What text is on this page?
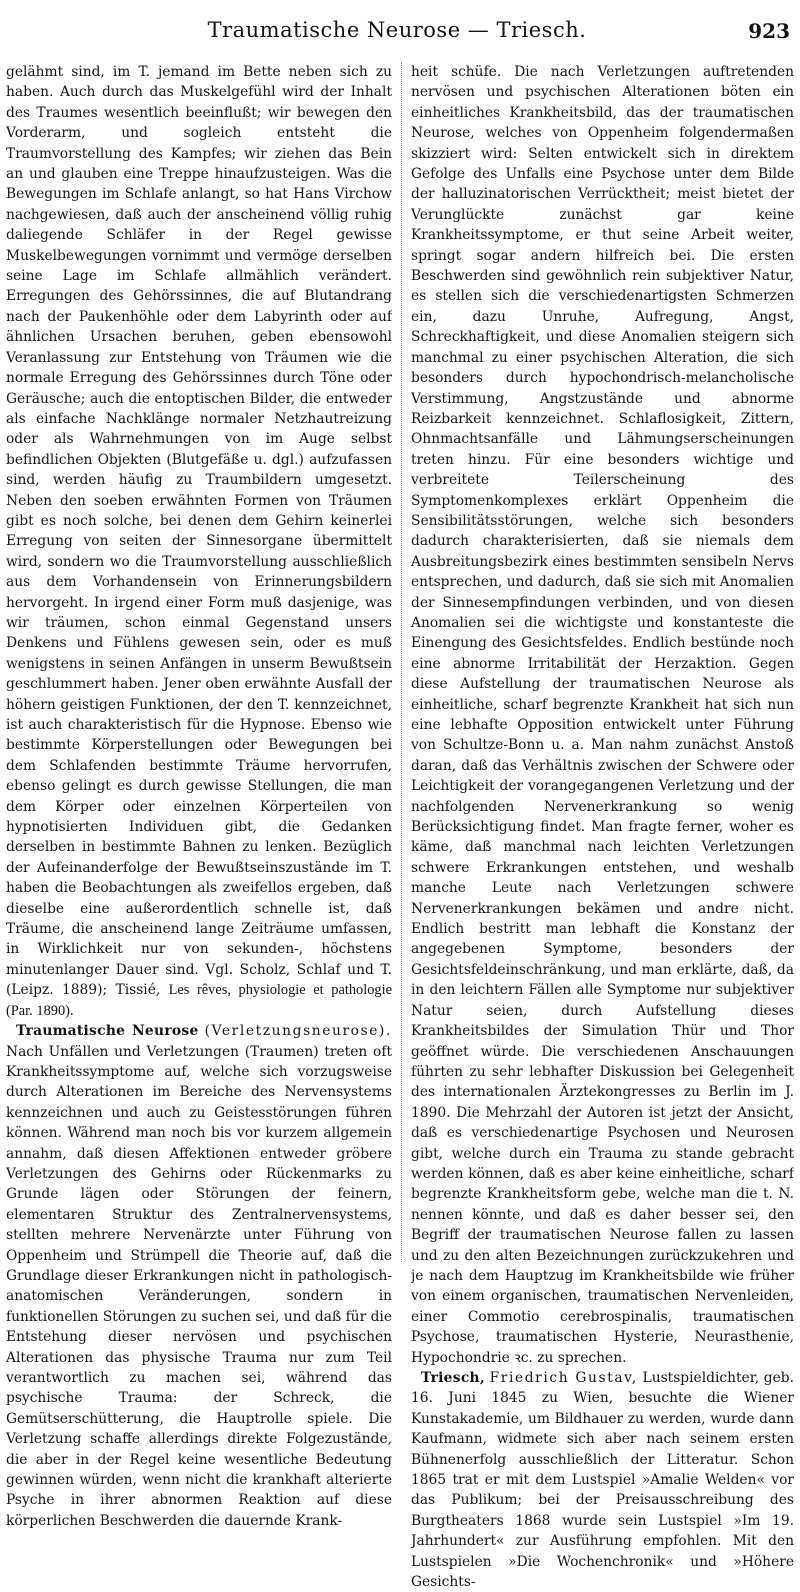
Traumatische Neurose — Triesch.	923

gelähmt sind, im T. jemand im Bette neben sich zu haben. Auch durch das Muskelgefühl wird der Inhalt des Traumes wesentlich beeinflußt; wir bewegen den Vorderarm, und sogleich entsteht die Traumvorstellung des Kampfes; wir ziehen das Bein an und glauben eine Treppe hinaufzusteigen. Was die Bewegungen im Schlafe anlangt, so hat Hans Virchow nachgewiesen, daß auch der anscheinend völlig ruhig daliegende Schläfer in der Regel gewisse Muskelbewegungen vornimmt und vermöge derselben seine Lage im Schlafe allmählich verändert. Erregungen des Gehörssinnes, die auf Blutandrang nach der Paukenhöhle oder dem Labyrinth oder auf ähnlichen Ursachen beruhen, geben ebensowohl Veranlassung zur Entstehung von Träumen wie die normale Erregung des Gehörssinnes durch Töne oder Geräusche; auch die entoptischen Bilder, die entweder als einfache Nachklänge normaler Netzhautreizung oder als Wahrnehmungen von im Auge selbst befindlichen Objekten (Blutgefäße u. dgl.) aufzufassen sind, werden häufig zu Traumbildern umgesetzt. Neben den soeben erwähnten Formen von Träumen gibt es noch solche, bei denen dem Gehirn keinerlei Erregung von seiten der Sinnesorgane übermittelt wird, sondern wo die Traumvorstellung ausschließlich aus dem Vorhandensein von Erinnerungsbildern hervorgeht. In irgend einer Form muß dasjenige, was wir träumen, schon einmal Gegenstand unsers Denkens und Fühlens gewesen sein, oder es muß wenigstens in seinen Anfängen in unserm Bewußtsein geschlummert haben. Jener oben erwähnte Ausfall der höhern geistigen Funktionen, der den T. kennzeichnet, ist auch charakteristisch für die Hypnose. Ebenso wie bestimmte Körperstellungen oder Bewegungen bei dem Schlafenden bestimmte Träume hervorrufen, ebenso gelingt es durch gewisse Stellungen, die man dem Körper oder einzelnen Körperteilen von hypnotisierten Individuen gibt, die Gedanken derselben in bestimmte Bahnen zu lenken. Bezüglich der Aufeinanderfolge der Bewußtseinszustände im T. haben die Beobachtungen als zweifellos ergeben, daß dieselbe eine außerordentlich schnelle ist, daß Träume, die anscheinend lange Zeiträume umfassen, in Wirklichkeit nur von sekunden-, höchstens minutenlanger Dauer sind. Vgl. Scholz, Schlaf und T. (Leipz. 1889); Tissié, Les rêves, physiologie et pathologie (Par. 1890).

Traumatische Neurose (Verletzungsneurose). Nach Unfällen und Verletzungen (Traumen) treten oft Krankheitssymptome auf, welche sich vorzugsweise durch Alterationen im Bereiche des Nervensystems kennzeichnen und auch zu Geistesstörungen führen können. Während man noch bis vor kurzem allgemein annahm, daß diesen Affektionen entweder gröbere Verletzungen des Gehirns oder Rückenmarks zu Grunde lägen oder Störungen der feinern, elementaren Struktur des Zentralnervensystems, stellten mehrere Nervenärzte unter Führung von Oppenheim und Strümpell die Theorie auf, daß die Grundlage dieser Erkrankungen nicht in pathologisch-anatomischen Veränderungen, sondern in funktionellen Störungen zu suchen sei, und daß für die Entstehung dieser nervösen und psychischen Alterationen das physische Trauma nur zum Teil verantwortlich zu machen sei, während das psychische Trauma: der Schreck, die Gemütserschütterung, die Hauptrolle spiele. Die Verletzung schaffe allerdings direkte Folgezustände, die aber in der Regel keine wesentliche Bedeutung gewinnen würden, wenn nicht die krankhaft alterierte Psyche in ihrer abnormen Reaktion auf diese körperlichen Beschwerden die dauernde Krank-

heit schüfe. Die nach Verletzungen auftretenden nervösen und psychischen Alterationen böten ein einheitliches Krankheitsbild, das der traumatischen Neurose, welches von Oppenheim folgendermaßen skizziert wird: Selten entwickelt sich in direktem Gefolge des Unfalls eine Psychose unter dem Bilde der halluzinatorischen Verrücktheit; meist bietet der Verunglückte zunächst gar keine Krankheitssymptome, er thut seine Arbeit weiter, springt sogar andern hilfreich bei. Die ersten Beschwerden sind gewöhnlich rein subjektiver Natur, es stellen sich die verschiedenartigsten Schmerzen ein, dazu Unruhe, Aufregung, Angst, Schreckhaftigkeit, und diese Anomalien steigern sich manchmal zu einer psychischen Alteration, die sich besonders durch hypochondrisch-melancholische Verstimmung, Angstzustände und abnorme Reizbarkeit kennzeichnet. Schlaflosigkeit, Zittern, Ohnmachtsanfälle und Lähmungserscheinungen treten hinzu. Für eine besonders wichtige und verbreitete Teilerscheinung des Symptomenkomplexes erklärt Oppenheim die Sensibilitätsstörungen, welche sich besonders dadurch charakterisierten, daß sie niemals dem Ausbreitungsbezirk eines bestimmten sensibeln Nervs entsprechen, und dadurch, daß sie sich mit Anomalien der Sinnesempfindungen verbinden, und von diesen Anomalien sei die wichtigste und konstanteste die Einengung des Gesichtsfeldes. Endlich bestünde noch eine abnorme Irritabilität der Herzaktion. Gegen diese Aufstellung der traumatischen Neurose als einheitliche, scharf begrenzte Krankheit hat sich nun eine lebhafte Opposition entwickelt unter Führung von Schultze-Bonn u. a. Man nahm zunächst Anstoß daran, daß das Verhältnis zwischen der Schwere oder Leichtigkeit der vorangegangenen Verletzung und der nachfolgenden Nervenerkrankung so wenig Berücksichtigung findet. Man fragte ferner, woher es käme, daß manchmal nach leichten Verletzungen schwere Erkrankungen entstehen, und weshalb manche Leute nach Verletzungen schwere Nervenerkrankungen bekämen und andre nicht. Endlich bestritt man lebhaft die Konstanz der angegebenen Symptome, besonders der Gesichtsfeldeinschränkung, und man erklärte, daß, da in den leichtern Fällen alle Symptome nur subjektiver Natur seien, durch Aufstellung dieses Krankheitsbildes der Simulation Thür und Thor geöffnet würde. Die verschiedenen Anschauungen führten zu sehr lebhafter Diskussion bei Gelegenheit des internationalen Ärztekongresses zu Berlin im J. 1890. Die Mehrzahl der Autoren ist jetzt der Ansicht, daß es verschiedenartige Psychosen und Neurosen gibt, welche durch ein Trauma zu stande gebracht werden können, daß es aber keine einheitliche, scharf begrenzte Krankheitsform gebe, welche man die t. N. nennen könnte, und daß es daher besser sei, den Begriff der traumatischen Neurose fallen zu lassen und zu den alten Bezeichnungen zurückzukehren und je nach dem Hauptzug im Krankheitsbilde wie früher von einem organischen, traumatischen Nervenleiden, einer Commotio cerebrospinalis, traumatischen Psychose, traumatischen Hysterie, Neurasthenie, Hypochondrie ꝛc. zu sprechen.

Triesch, Friedrich Gustav, Lustspieldichter, geb. 16. Juni 1845 zu Wien, besuchte die Wiener Kunstakademie, um Bildhauer zu werden, wurde dann Kaufmann, widmete sich aber nach seinem ersten Bühnenerfolg ausschließlich der Litteratur. Schon 1865 trat er mit dem Lustspiel »Amalie Welden« vor das Publikum; bei der Preisausschreibung des Burgtheaters 1868 wurde sein Lustspiel »Im 19. Jahrhundert« zur Ausführung empfohlen. Mit den Lustspielen »Die Wochenchronik« und »Höhere Gesichts-
